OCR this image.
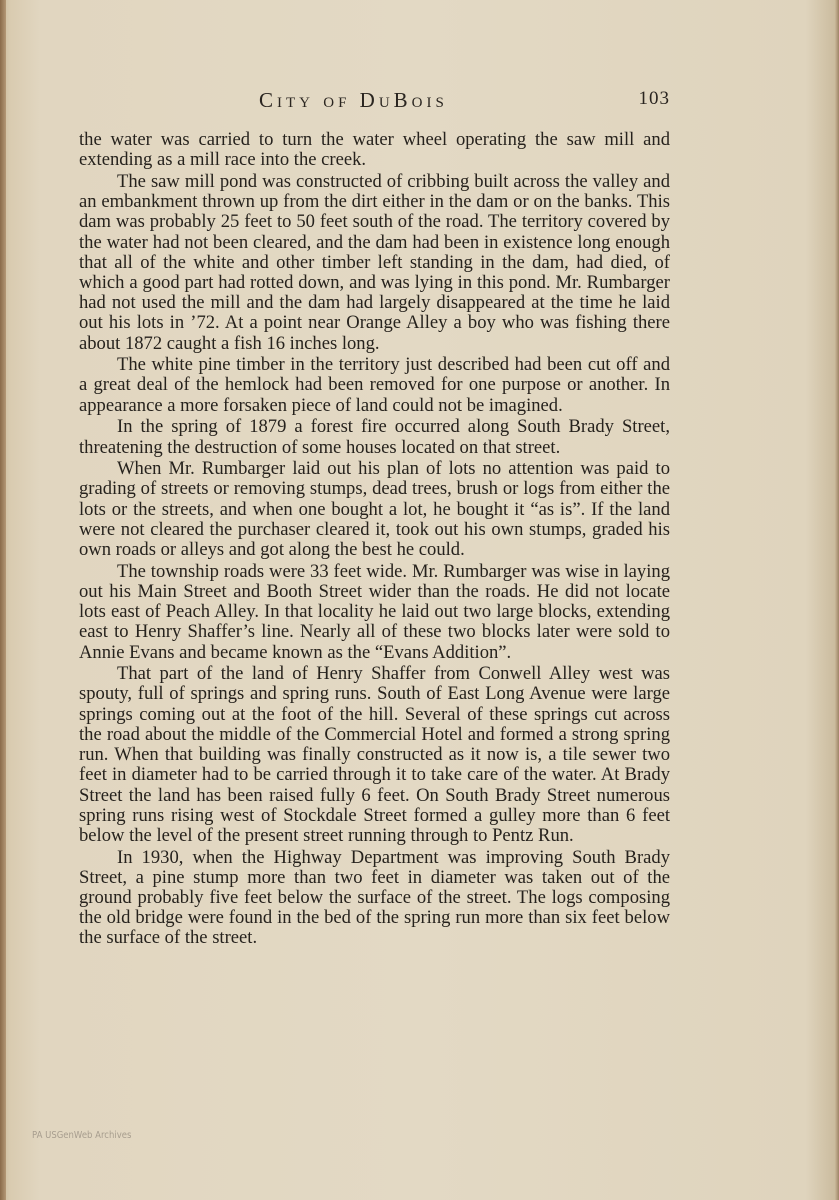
City of DuBois	103

the water was carried to turn the water wheel operating the saw mill and extending as a mill race into the creek.

The saw mill pond was constructed of cribbing built across the valley and an embankment thrown up from the dirt either in the dam or on the banks. This dam was probably 25 feet to 50 feet south of the road. The territory covered by the water had not been cleared, and the dam had been in existence long enough that all of the white and other timber left standing in the dam, had died, of which a good part had rotted down, and was lying in this pond. Mr. Rumbarger had not used the mill and the dam had largely disappeared at the time he laid out his lots in ’72. At a point near Orange Alley a boy who was fishing there about 1872 caught a fish 16 inches long.

The white pine timber in the territory just described had been cut off and a great deal of the hemlock had been removed for one purpose or another. In appearance a more forsaken piece of land could not be imagined.

In the spring of 1879 a forest fire occurred along South Brady Street, threatening the destruction of some houses located on that street.

When Mr. Rumbarger laid out his plan of lots no attention was paid to grading of streets or removing stumps, dead trees, brush or logs from either the lots or the streets, and when one bought a lot, he bought it “as is”. If the land were not cleared the purchaser cleared it, took out his own stumps, graded his own roads or alleys and got along the best he could.

The township roads were 33 feet wide. Mr. Rumbarger was wise in laying out his Main Street and Booth Street wider than the roads. He did not locate lots east of Peach Alley. In that locality he laid out two large blocks, extending east to Henry Shaffer’s line. Nearly all of these two blocks later were sold to Annie Evans and became known as the “Evans Addition”.

That part of the land of Henry Shaffer from Conwell Alley west was spouty, full of springs and spring runs. South of East Long Avenue were large springs coming out at the foot of the hill. Several of these springs cut across the road about the middle of the Commercial Hotel and formed a strong spring run. When that building was finally constructed as it now is, a tile sewer two feet in diameter had to be carried through it to take care of the water. At Brady Street the land has been raised fully 6 feet. On South Brady Street numerous spring runs rising west of Stockdale Street formed a gulley more than 6 feet below the level of the present street running through to Pentz Run.

In 1930, when the Highway Department was improving South Brady Street, a pine stump more than two feet in diameter was taken out of the ground probably five feet below the surface of the street. The logs composing the old bridge were found in the bed of the spring run more than six feet below the surface of the street.

PA USGenWeb Archives
